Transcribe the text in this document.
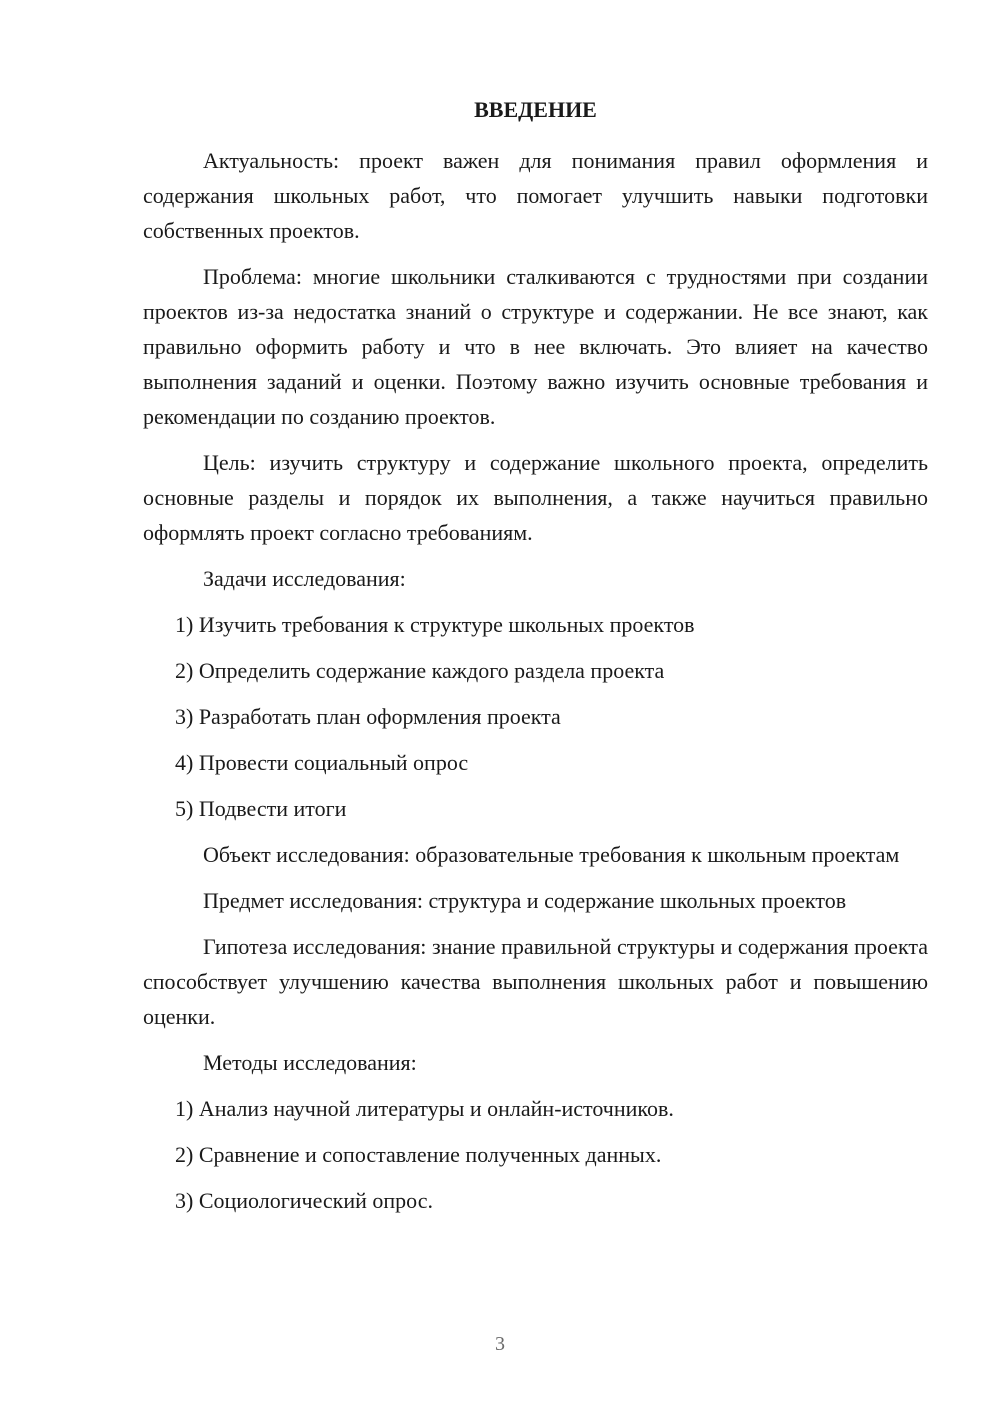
ВВЕДЕНИЕ

Актуальность: проект важен для понимания правил оформления и содержания школьных работ, что помогает улучшить навыки подготовки собственных проектов.

Проблема: многие школьники сталкиваются с трудностями при создании проектов из-за недостатка знаний о структуре и содержании. Не все знают, как правильно оформить работу и что в нее включать. Это влияет на качество выполнения заданий и оценки. Поэтому важно изучить основные требования и рекомендации по созданию проектов.

Цель: изучить структуру и содержание школьного проекта, определить основные разделы и порядок их выполнения, а также научиться правильно оформлять проект согласно требованиям.

Задачи исследования:
1) Изучить требования к структуре школьных проектов
2) Определить содержание каждого раздела проекта
3) Разработать план оформления проекта
4) Провести социальный опрос
5) Подвести итоги

Объект исследования: образовательные требования к школьным проектам

Предмет исследования: структура и содержание школьных проектов

Гипотеза исследования: знание правильной структуры и содержания проекта способствует улучшению качества выполнения школьных работ и повышению оценки.

Методы исследования:
1) Анализ научной литературы и онлайн-источников.
2) Сравнение и сопоставление полученных данных.
3) Социологический опрос.
3
